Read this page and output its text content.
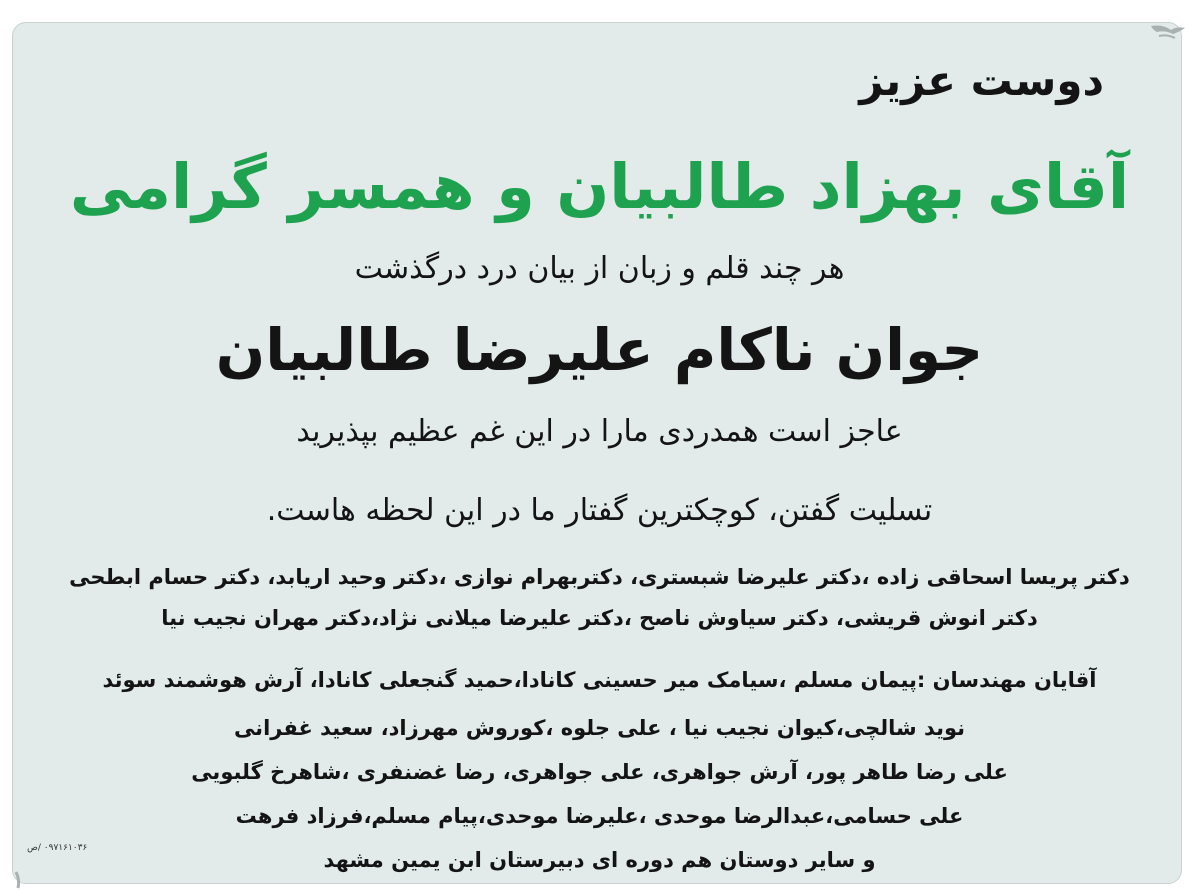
دوست عزیز

آقای بهزاد طالبیان و همسر گرامی

هر چند قلم و زبان از بیان درد درگذشت

جوان ناکام علیرضا طالبیان

عاجز است همدردی مارا در این غم عظیم بپذیرید

تسلیت گفتن، کوچکترین گفتار ما در این لحظه هاست.

دکتر پریسا اسحاقی زاده ،دکتر علیرضا شبستری، دکتربهرام نوازی ،دکتر وحید اریابد، دکتر حسام ابطحی

دکتر انوش قریشی، دکتر سیاوش ناصح ،دکتر علیرضا میلانی نژاد،دکتر مهران نجیب نیا

آقایان مهندسان :پیمان مسلم ،سیامک میر حسینی کانادا،حمید گنجعلی کانادا، آرش هوشمند سوئد

نوید شالچی،کیوان نجیب نیا ، علی جلوه ،کوروش مهرزاد، سعید غفرانی

علی رضا طاهر پور، آرش جواهری، علی جواهری، رضا غضنفری ،شاهرخ گلبویی

علی حسامی،عبدالرضا موحدی ،علیرضا موحدی،پیام مسلم،فرزاد فرهت

و سایر دوستان هم دوره ای دبیرستان ابن یمین مشهد

۰۹۷۱۶۱۰۳۶ /ص
